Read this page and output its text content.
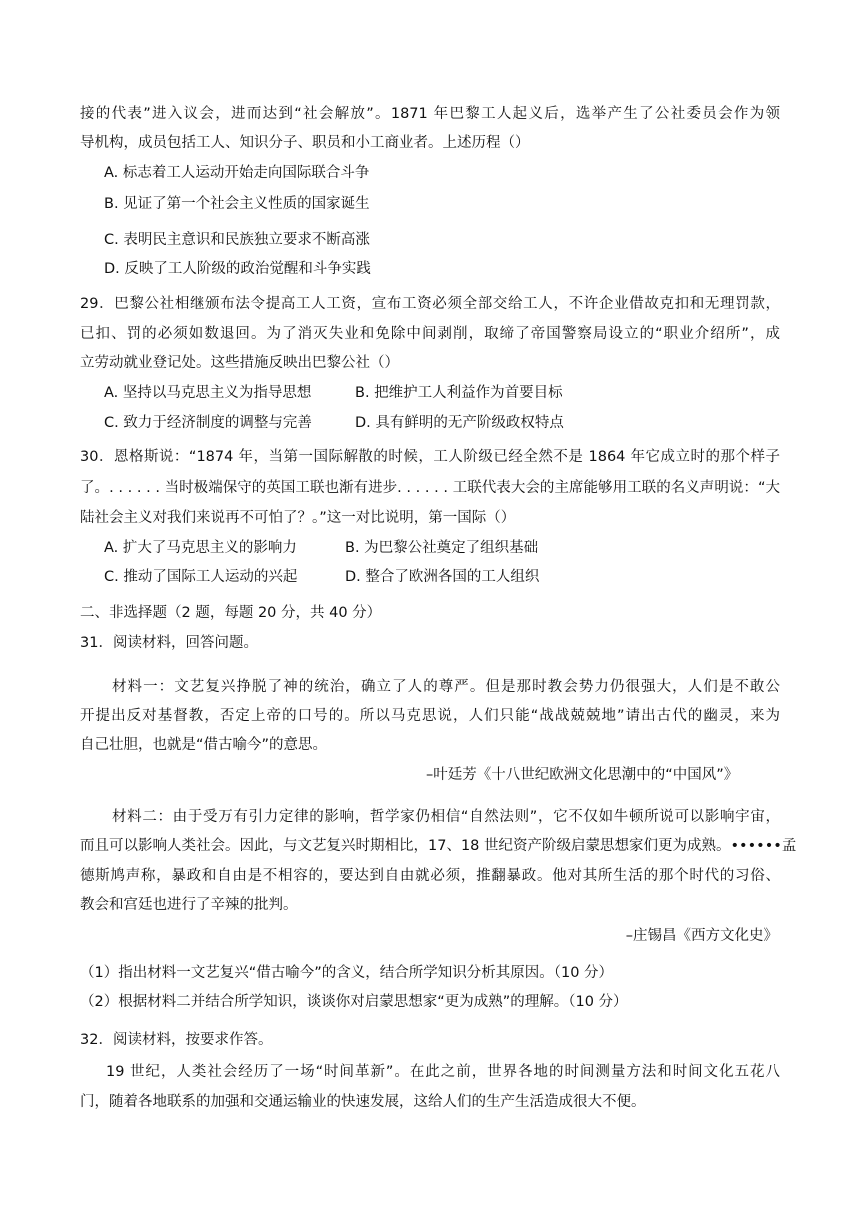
接的代表”进入议会，进而达到“社会解放”。1871 年巴黎工人起义后，选举产生了公社委员会作为领
导机构，成员包括工人、知识分子、职员和小工商业者。上述历程（）
A. 标志着工人运动开始走向国际联合斗争
B. 见证了第一个社会主义性质的国家诞生
C. 表明民主意识和民族独立要求不断高涨
D. 反映了工人阶级的政治觉醒和斗争实践
29．巴黎公社相继颁布法令提高工人工资，宣布工资必须全部交给工人，不许企业借故克扣和无理罚款，
已扣、罚的必须如数退回。为了消灭失业和免除中间剥削，取缔了帝国警察局设立的“职业介绍所”，成
立劳动就业登记处。这些措施反映出巴黎公社（）
A. 坚持以马克思主义为指导思想	B. 把维护工人利益作为首要目标
C. 致力于经济制度的调整与完善	D. 具有鲜明的无产阶级政权特点
30．恩格斯说：“1874 年，当第一国际解散的时候，工人阶级已经全然不是 1864 年它成立时的那个样子
了。. . . . . . 当时极端保守的英国工联也渐有进步. . . . . . 工联代表大会的主席能够用工联的名义声明说：“大
陆社会主义对我们来说再不可怕了？。”这一对比说明，第一国际（）
A. 扩大了马克思主义的影响力	B. 为巴黎公社奠定了组织基础
C. 推动了国际工人运动的兴起	D. 整合了欧洲各国的工人组织
二、非选择题（2 题，每题 20 分，共 40 分）
31．阅读材料，回答问题。
材料一：文艺复兴挣脱了神的统治，确立了人的尊严。但是那时教会势力仍很强大，人们是不敢公
开提出反对基督教，否定上帝的口号的。所以马克思说，人们只能“战战兢兢地”请出古代的幽灵，来为
自己壮胆，也就是“借古喻今”的意思。
–叶廷芳《十八世纪欧洲文化思潮中的“中国风”》
材料二：由于受万有引力定律的影响，哲学家仍相信“自然法则”，它不仅如牛顿所说可以影响宇宙，
而且可以影响人类社会。因此，与文艺复兴时期相比，17、18 世纪资产阶级启蒙思想家们更为成熟。••••••孟
德斯鸠声称，暴政和自由是不相容的，要达到自由就必须，推翻暴政。他对其所生活的那个时代的习俗、
教会和宫廷也进行了辛辣的批判。
–庄锡昌《西方文化史》
（1）指出材料一文艺复兴“借古喻今”的含义，结合所学知识分析其原因。（10 分）
（2）根据材料二并结合所学知识，谈谈你对启蒙思想家“更为成熟”的理解。（10 分）
32．阅读材料，按要求作答。
19 世纪，人类社会经历了一场“时间革新”。在此之前，世界各地的时间测量方法和时间文化五花八
门，随着各地联系的加强和交通运输业的快速发展，这给人们的生产生活造成很大不便。
